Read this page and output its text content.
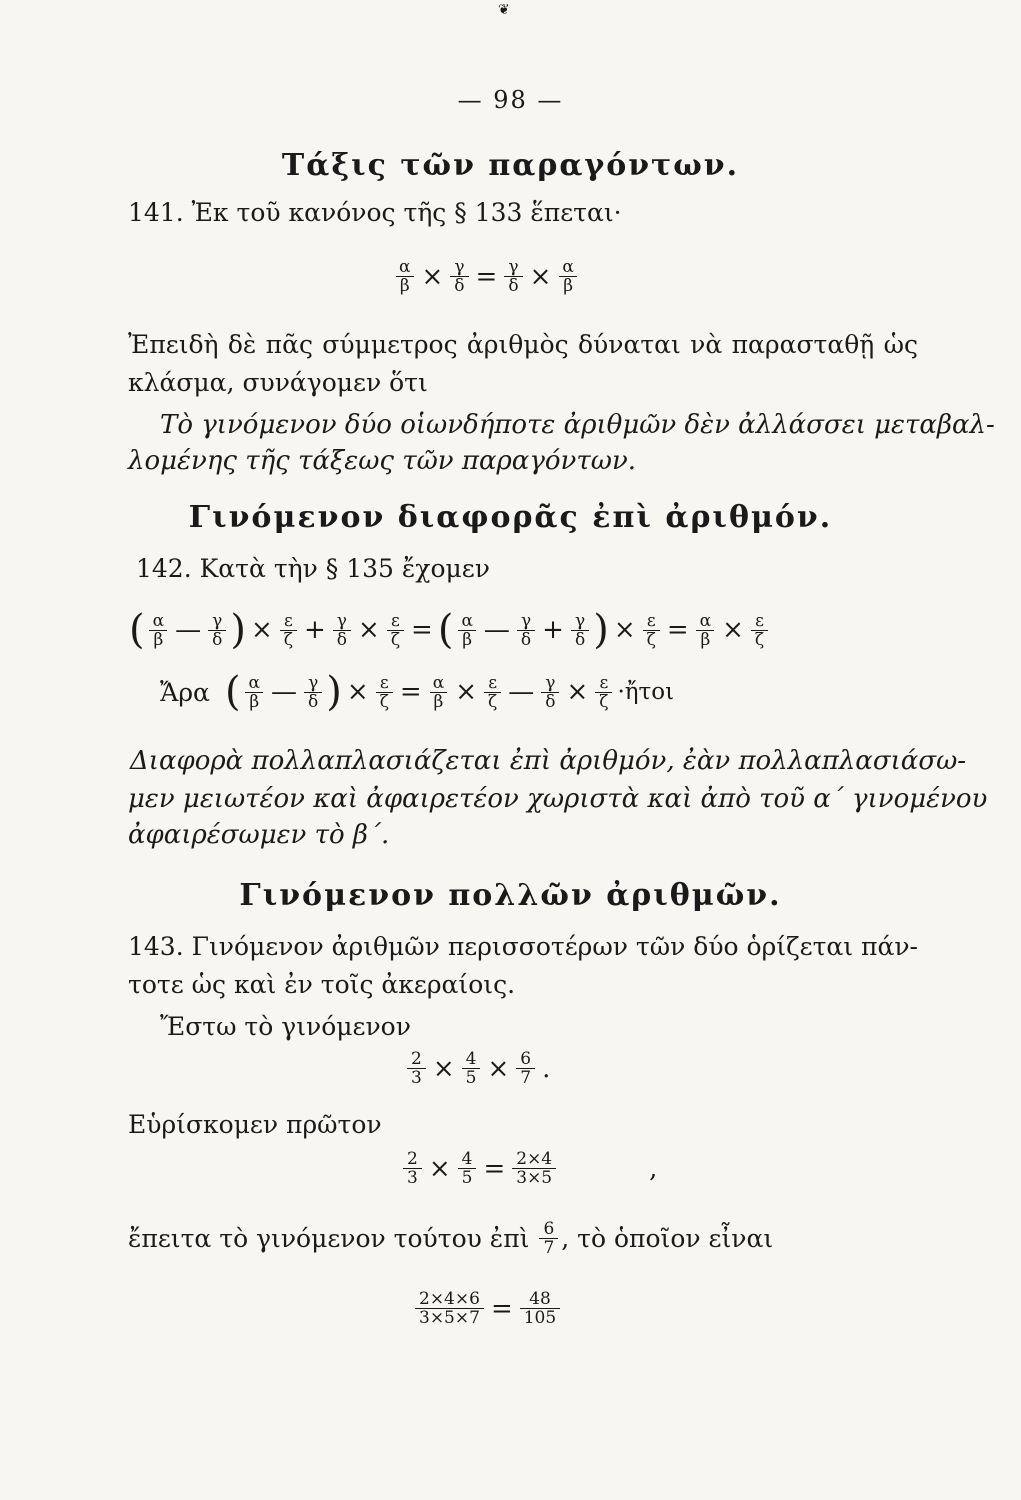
❦
— 98 —
Τάξις τῶν παραγόντων.
141. Ἐκ τοῦ κανόνος τῆς § 133 ἕπεται·
$\frac{\alpha}{\beta} \times \frac{\gamma}{\delta} = \frac{\gamma}{\delta} \times \frac{\alpha}{\beta}$
Ἐπειδὴ δὲ πᾶς σύμμετρος ἀριθμὸς δύναται νὰ παρασταθῇ ὡς
κλάσμα, συνάγομεν ὅτι
Τὸ γινόμενον δύο οἱωνδήποτε ἀριθμῶν δὲν ἀλλάσσει μεταβαλ-
λομένης τῆς τάξεως τῶν παραγόντων.
Γινόμενον διαφορᾶς ἐπὶ ἀριθμόν.
142. Κατὰ τὴν § 135 ἔχομεν
( $\frac{\alpha}{\beta}$ — $\frac{\gamma}{\delta}$ ) × $\frac{\varepsilon}{\zeta} + \frac{\gamma}{\delta} \times \frac{\varepsilon}{\zeta}$ = ( $\frac{\alpha}{\beta}$ — $\frac{\gamma}{\delta} + \frac{\gamma}{\delta}$ ) × $\frac{\varepsilon}{\zeta} = \frac{\alpha}{\beta} \times \frac{\varepsilon}{\zeta}$
Ἄρα ( $\frac{\alpha}{\beta}$ — $\frac{\gamma}{\delta}$ ) × $\frac{\varepsilon}{\zeta} = \frac{\alpha}{\beta} \times \frac{\varepsilon}{\zeta}$ — $\frac{\gamma}{\delta} \times \frac{\varepsilon}{\zeta}$ ·ἤτοι
Διαφορὰ πολλαπλασιάζεται ἐπὶ ἀριθμόν, ἐὰν πολλαπλασιάσω-
μεν μειωτέον καὶ ἀφαιρετέον χωριστὰ καὶ ἀπὸ τοῦ α΄ γινομένου
ἀφαιρέσωμεν τὸ β΄.
Γινόμενον πολλῶν ἀριθμῶν.
143. Γινόμενον ἀριθμῶν περισσοτέρων τῶν δύο ὁρίζεται πάν-
τοτε ὡς καὶ ἐν τοῖς ἀκεραίοις.
Ἔστω τὸ γινόμενον
$\frac{2}{3} \times \frac{4}{5} \times \frac{6}{7}$ .
Εὑρίσκομεν πρῶτον
$\frac{2}{3} \times \frac{4}{5} = \frac{2\times 4}{3\times 5}$	,
ἔπειτα τὸ γινόμενον τούτου ἐπὶ $\frac{6}{7}$ , τὸ ὁποῖον εἶναι
$\frac{2\times 4\times 6}{3\times 5\times 7} = \frac{48}{105}$
